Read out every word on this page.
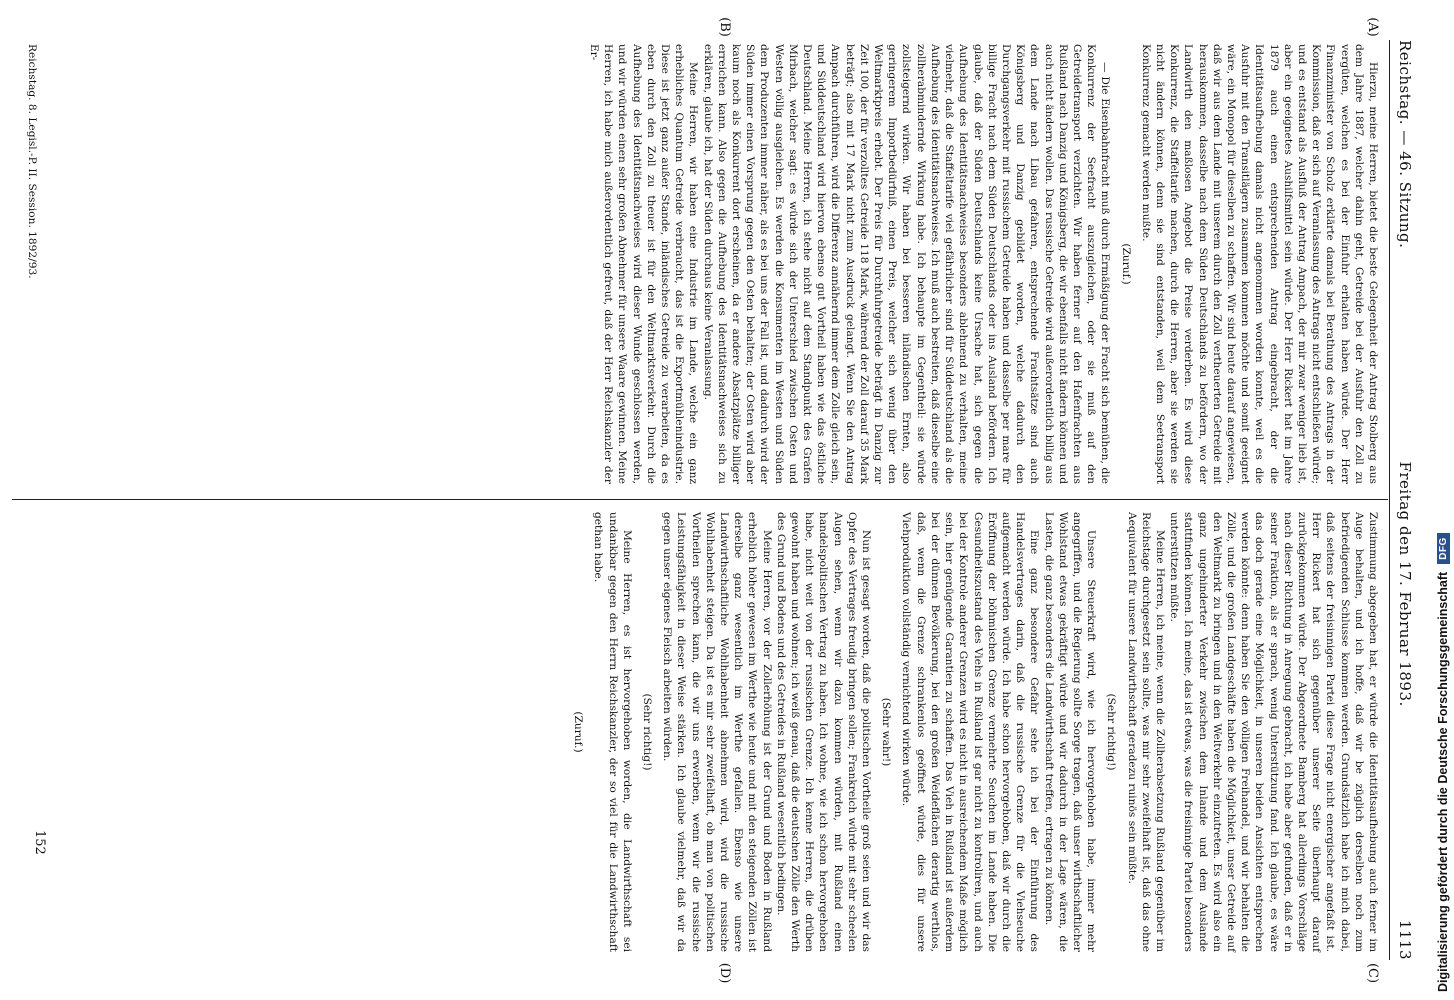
Reichstag. — 46. Sitzung.
Freitag den 17. Februar 1893.
1113
(A)
(B)
(C)
(D)

Hierzu, meine Herren, bietet die beste Gelegenheit der Antrag Stolberg aus dem Jahre 1887, welcher dahin geht, Getreide bei der Ausfuhr den Zoll zu vergüten, welchen es bei der Einfuhr erhalten haben würde. Der Herr Finanzminister von Scholz erklärte damals bei Berathung des Antrags in der Kommission, daß er sich auf Veranlassung des Antrags nicht entschließen würde; und es entstand als Ausfluß der Antrag Ampach, der mir zwar weniger lieb ist, aber ein geeignetes Aushilfsmittel sein würde. Der Herr Rickert hat im Jahre 1879 auch einen entsprechenden Antrag eingebracht, der die Identitätsaufhebung damals nicht angenommen worden konnte, weil es die Ausfuhr mit den Transitlägern zusammen kommen möchte und somit geeignet wäre, ein Monopol für dieselben zu schaffen. Wir sind heute darauf angewiesen, daß wir aus dem Lande mit unserem durch den Zoll vertheuerten Getreide mit herauskommen, dasselbe nach dem Süden Deutschlands zu befördern, wo der Landwirth den maßlosen Angebot die Preise verderben. Es wird diese Konkurrenz, die Staffeltarife machen, durch die Herren, aber sie werden sie nicht ändern können, denn sie sind entstanden, weil dem Seetransport Konkurrenz gemacht werden mußte.

(Zuruf.)

— Die Eisenbahnfracht muß durch Ermäßigung der Fracht sich bemühen, die Konkurrenz der Seefracht auszugleichen, oder sie muß auf den Getreidetransport verzichten. Wir haben ferner auf den Hafenfrachten aus Rußland nach Danzig und Königsberg, die wir ebenfalls nicht ändern können und auch nicht ändern wollen. Das russische Getreide wird außerordentlich billig aus dem Lande nach Libau gefahren, entsprechende Frachtsätze sind auch Königsberg und Danzig gebildet worden, welche dadurch den Durchgangsverkehr mit russischem Getreide haben und dasselbe per mare für billige Fracht nach dem Süden Deutschlands oder ins Ausland befördern. Ich glaube, daß der Süden Deutschlands keine Ursache hat, sich gegen die Aufhebung des Identitätsnachweises besonders ablehnend zu verhalten, meine vielmehr, daß die Staffeltarife viel gefährlicher sind für Süddeutschland als die Aufhebung des Identitätsnachweises. Ich muß auch bestreiten, daß dieselbe eine zollherabmindernde Wirkung habe. Ich behaupte im Gegentheil: sie würde zollsteigernd wirken. Wir haben bei besseren inländischen Ernten, also geringerem Importbedürfniß, einen Preis, welcher sich wenig über den Weltmarktpreis erhebt. Der Preis für Durchfuhrgetreide beträgt in Danzig zur Zeit 100, der für verzolltes Getreide 118 Mark, während der Zoll darauf 35 Mark beträgt; also mit 17 Mark nicht zum Ausdruck gelangt. Wenn Sie den Antrag Ampach durchführen, wird die Differenz annähernd immer dem Zolle gleich sein, und Süddeutschland wird hiervon ebenso gut Vortheil haben wie das östliche Deutschland. Meine Herren, ich stehe nicht auf dem Standpunkt des Grafen Mirbach, welcher sagt: es würde sich der Unterschied zwischen Osten und Westen völlig ausgleichen. Es werden die Konsumenten im Westen und Süden dem Produzenten immer näher, als es bei uns der Fall ist, und dadurch wird der Süden immer einen Vorsprung gegen den Osten behalten; der Osten wird aber kaum noch als Konkurrent dort erscheinen, da er andere Absatzplätze billiger erreichen kann. Also gegen die Aufhebung des Identitätsnachweises sich zu erklären, glaube ich, hat der Süden durchaus keine Veranlassung.

Meine Herren, wir haben eine Industrie im Lande, welche ein ganz erhebliches Quantum Getreide verbraucht, das ist die Exportmühlenindustrie. Diese ist jetzt ganz außer Stande, inländisches Getreide zu verarbeiten, da es eben durch den Zoll zu theuer ist für den Weltmarktsverkehr. Durch die Aufhebung des Identitätsnachweises wird dieser Wunde geschlossen werden, und wir würden einen sehr großen Abnehmer für unsere Waare gewinnen. Meine Herren, ich habe mich außerordentlich gefreut, daß der Herr Reichskanzler der Er-

Reichstag. 8. Legisl.-P. II. Session. 1892/93.

Zustimmung abgegeben hat, er würde die Identitätsaufhebung auch ferner im Auge behalten, und ich hoffe, daß wir be züglich derselben noch zum befriedigenden Schlusse kommen werden. Grundsätzlich habe ich mich dabei, daß seitens der freisinnigen Partei diese Frage nicht energischer angefaßt ist. Herr Rickert hat sich gegenüber unserer Seite überhaupt darauf zurückgekommen würde. Der Abgeordnete Bamberg hat allerdings Vorschläge nach dieser Richtung in Anregung gebracht, ich habe aber gefunden, daß er in seiner Fraktion, als er sprach, wenig Unterstützung fand. Ich glaube, es wäre das doch gerade eine Möglichkeit, in unseren beiden Ansichten entsprechen werden könnte: denn haben Sie den völligen Freihandel, und wir behalten die Zölle, und die großen Landgeschäfte haben die Möglichkeit, unser Getreide auf den Weltmarkt zu bringen und in den Weltverkehr einzutreten. Es wird also ein ganz ungehinderter Verkehr zwischen dem Inlande und dem Auslande stattfinden können. Ich meine, das ist etwas, was die freisinnige Partei besonders unterstützen müßte.

Meine Herren, ich meine, wenn die Zollherabsetzung Rußland gegenüber im Reichstage durchgesetzt sein sollte, was mir sehr zweifelhaft ist, daß das ohne Aequivalent für unsere Landwirthschaft geradezu ruinös sein müßte.

(Sehr richtig!)

Unsere Steuerkraft wird, wie ich hervorgehoben habe, immer mehr angegriffen, und die Regierung sollte Sorge tragen, daß unser wirthschaftlicher Wohlstand etwas gekräftigt würde und wir dadurch in der Lage wären, die Lasten, die ganz besonders die Landwirthschaft treffen, ertragen zu können.

Eine ganz besondere Gefahr sehe ich bei der Einführung des Handelsvertrages darin, daß die russische Grenze für die Viehseuche aufgemacht werden würde. Ich habe schon hervorgehoben, daß wir durch die Eröffnung der böhmischen Grenze vermehrte Seuchen im Lande haben. Die Gesundheitszustand des Viehs in Rußland ist gar nicht zu kontroliren, und auch bei der Kontrole anderer Grenzen wird es nicht in ausreichendem Maße möglich sein, hier genügende Garantien zu schaffen. Das Vieh in Rußland ist außerdem bei der dünnen Bevölkerung, bei den großen Weideflächen derartig werthlos, daß, wenn die Grenze schrankenlos geöffnet würde, dies für unsere Viehproduktion vollständig vernichtend wirken würde.

(Sehr wahr!)

Nun ist gesagt worden, daß die politischen Vortheile groß seien und wir das Opfer des Vertrages freudig bringen sollen; Frankreich würde mit sehr scheelen Augen sehen, wenn wir dazu kommen würden, mit Rußland einen handelspolitischen Vertrag zu haben. Ich wohne, wie ich schon hervorgehoben habe, nicht weit von der russischen Grenze. Ich kenne Herren, die drüben gewohnt haben und wohnen; ich weiß genau, daß die deutschen Zölle den Werth des Grund und Bodens und des Getreides in Rußland wesentlich bedingen.

Meine Herren, vor der Zollerhöhung ist der Grund und Boden in Rußland erheblich höher gewesen im Werthe wie heute und mit den steigenden Zöllen ist derselbe ganz wesentlich im Werthe gefallen. Ebenso wie unsere Landwirthschaftliche Wohlhabenheit abnehmen wird, wird die russische Wohlhabenheit steigen. Da ist es mir sehr zweifelhaft, ob man von politischen Vortheilen sprechen kann, die wir uns erwerben, wenn wir die russische Leistungsfähigkeit in dieser Weise stärken. Ich glaube vielmehr, daß wir da gegen unser eigenes Fleisch arbeiten würden.

(Sehr richtig!)

Meine Herren, es ist hervorgehoben worden, die Landwirthschaft sei undankbar gegen den Herrn Reichskanzler, der so viel für die Landwirthschaft gethan habe.

(Zuruf.)

152	Digitalisierung gefördert durch die Deutsche Forschungsgemeinschaft
DFG
